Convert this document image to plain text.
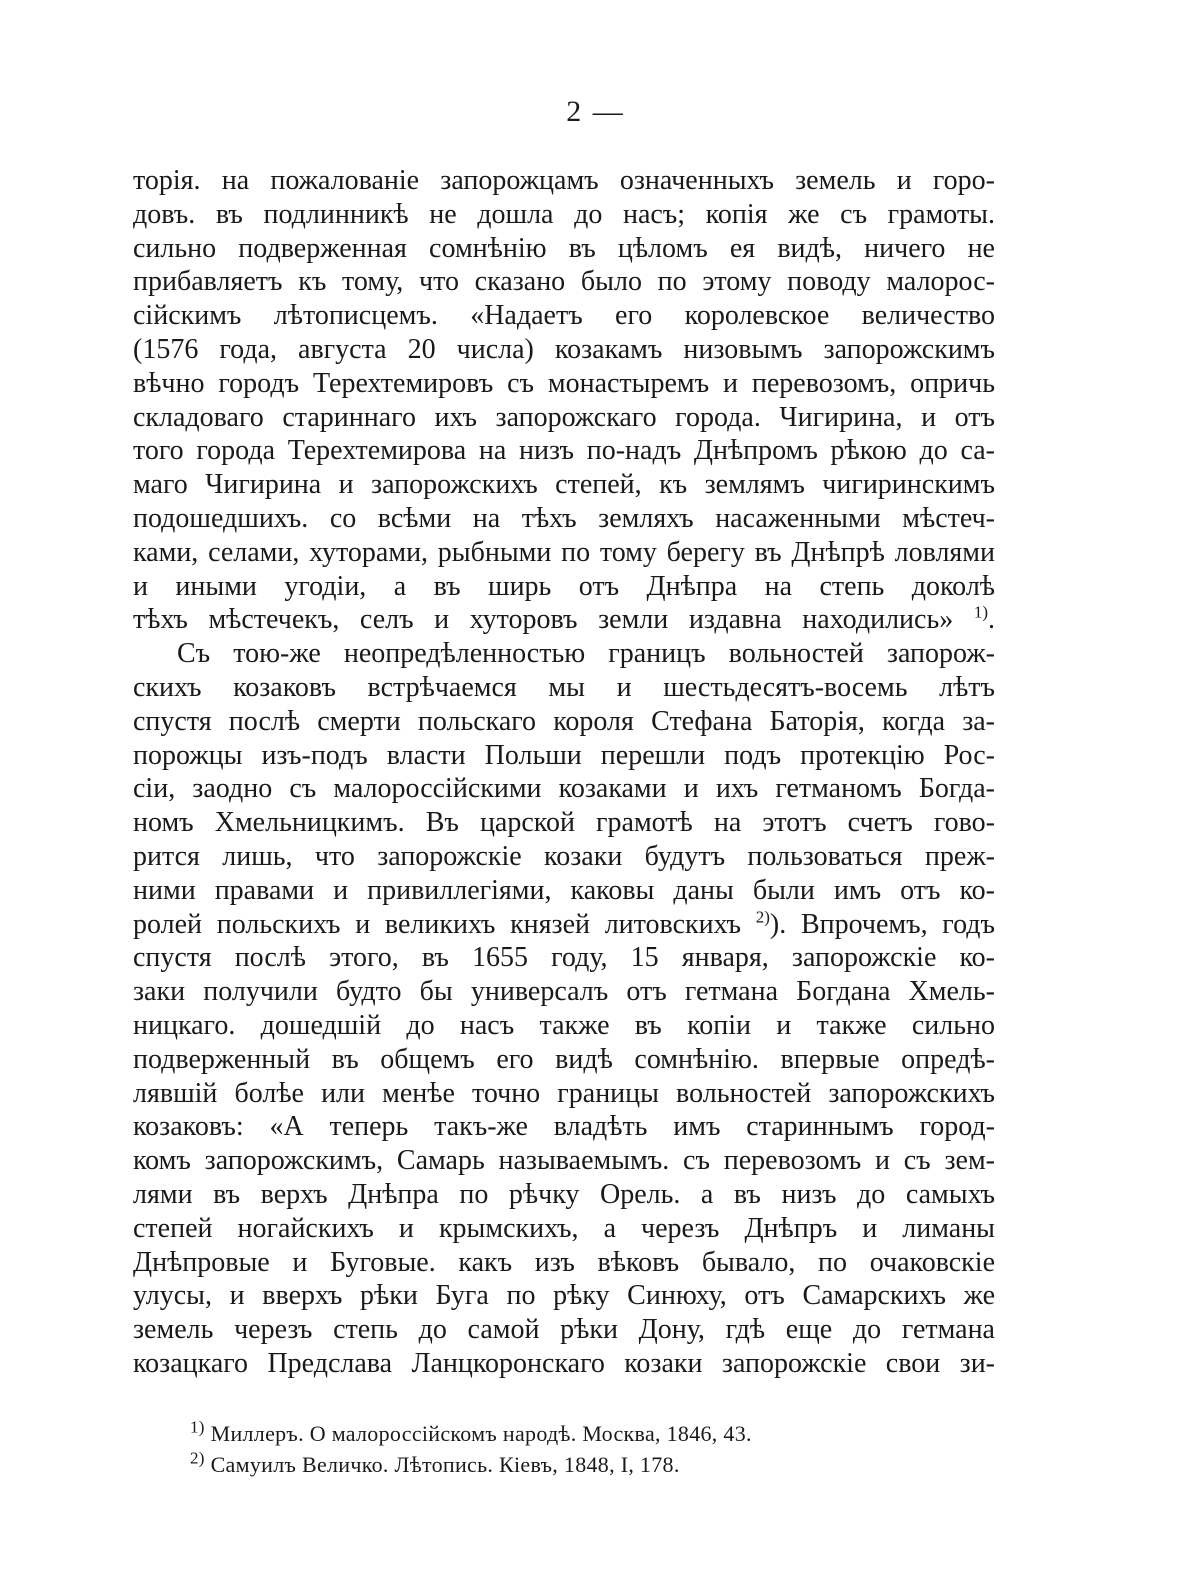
2 —
торія. на пожалованіе запорожцамъ означенныхъ земель и горо-
довъ. въ подлинникѣ не дошла до насъ; копія же съ грамоты.
сильно подверженная сомнѣнію въ цѣломъ ея видѣ, ничего не
прибавляетъ къ тому, что сказано было по этому поводу малорос-
сійскимъ лѣтописцемъ. «Надаетъ его королевское величество
(1576 года, августа 20 числа) козакамъ низовымъ запорожскимъ
вѣчно городъ Терехтемировъ съ монастыремъ и перевозомъ, опричь
складоваго стариннаго ихъ запорожскаго города. Чигирина, и отъ
того города Терехтемирова на низъ по-надъ Днѣпромъ рѣкою до са-
маго Чигирина и запорожскихъ степей, къ землямъ чигиринскимъ
подошедшихъ. со всѣми на тѣхъ земляхъ насаженными мѣстеч-
ками, селами, хуторами, рыбными по тому берегу въ Днѣпрѣ ловлями
и иными угодіи, а въ ширь отъ Днѣпра на степь доколѣ
тѣхъ мѣстечекъ, селъ и хуторовъ земли издавна находились» $^{1)}$.
Съ тою-же неопредѣленностью границъ вольностей запорож-
скихъ козаковъ встрѣчаемся мы и шестьдесятъ-восемь лѣтъ
спустя послѣ смерти польскаго короля Стефана Баторія, когда за-
порожцы изъ-подъ власти Польши перешли подъ протекцію Рос-
сіи, заодно съ малороссійскими козаками и ихъ гетманомъ Богда-
номъ Хмельницкимъ. Въ царской грамотѣ на этотъ счетъ гово-
рится лишь, что запорожскіе козаки будутъ пользоваться преж-
ними правами и привиллегіями, каковы даны были имъ отъ ко-
ролей польскихъ и великихъ князей литовскихъ $^{2)}$). Впрочемъ, годъ
спустя послѣ этого, въ 1655 году, 15 января, запорожскіе ко-
заки получили будто бы универсалъ отъ гетмана Богдана Хмель-
ницкаго. дошедшій до насъ также въ копіи и также сильно
подверженный въ общемъ его видѣ сомнѣнію. впервые опредѣ-
лявшій болѣе или менѣе точно границы вольностей запорожскихъ
козаковъ: «А теперь такъ-же владѣть имъ стариннымъ город-
комъ запорожскимъ, Самарь называемымъ. съ перевозомъ и съ зем-
лями въ верхъ Днѣпра по рѣчку Орель. а въ низъ до самыхъ
степей ногайскихъ и крымскихъ, а черезъ Днѣпръ и лиманы
Днѣпровые и Буговые. какъ изъ вѣковъ бывало, по очаковскіе
улусы, и вверхъ рѣки Буга по рѣку Синюху, отъ Самарскихъ же
земель черезъ степь до самой рѣки Дону, гдѣ еще до гетмана
козацкаго Предслава Ланцкоронскаго козаки запорожскіе свои зи-
$^{1)}$ Миллеръ. О малороссійскомъ народѣ. Москва, 1846, 43.
$^{2)}$ Самуилъ Величко. Лѣтопись. Кіевъ, 1848, I, 178.
